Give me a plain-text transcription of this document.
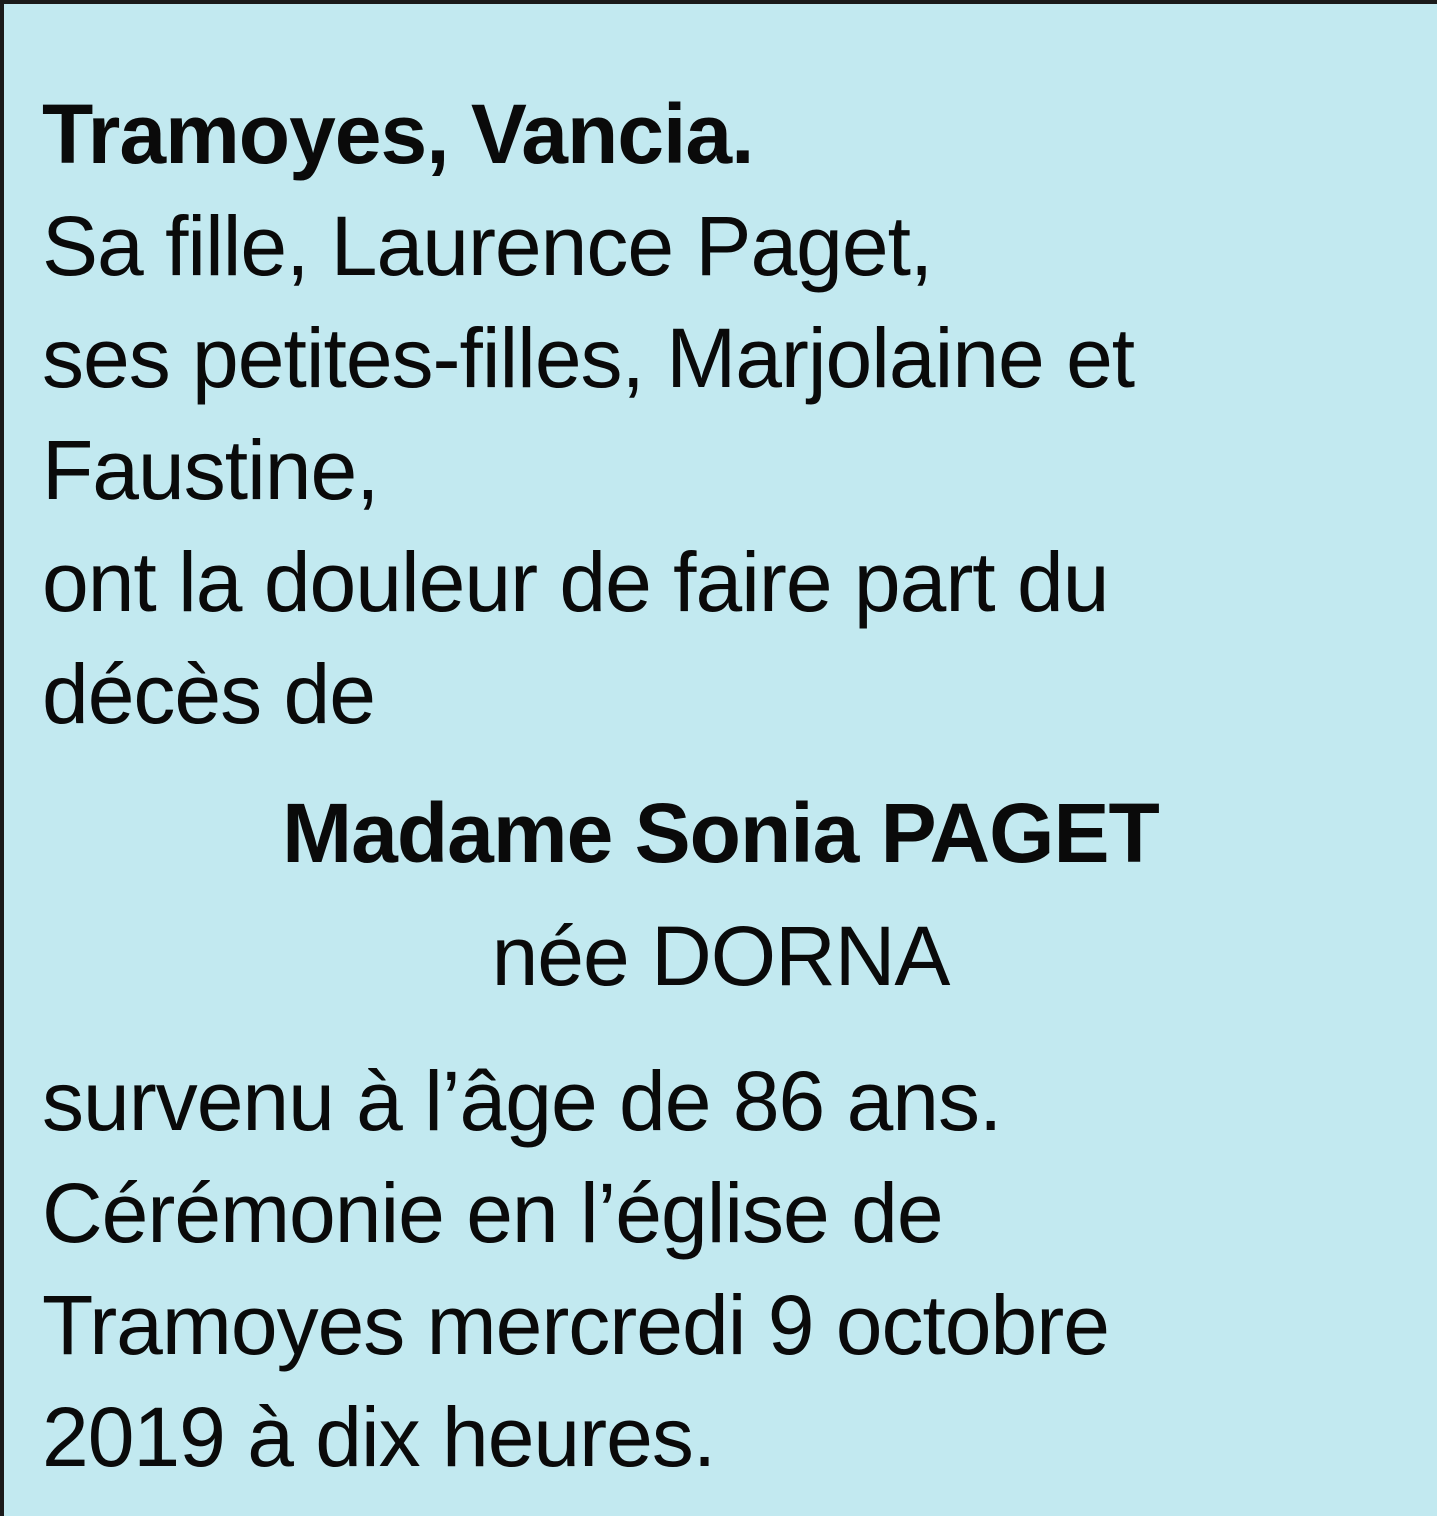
Tramoyes, Vancia.
Sa fille, Laurence Paget,
ses petites-filles, Marjolaine et
Faustine,
ont la douleur de faire part du
décès de
Madame Sonia PAGET
née DORNA
survenu à l’âge de 86 ans.
Cérémonie en l’église de
Tramoyes mercredi 9 octobre
2019 à dix heures.
